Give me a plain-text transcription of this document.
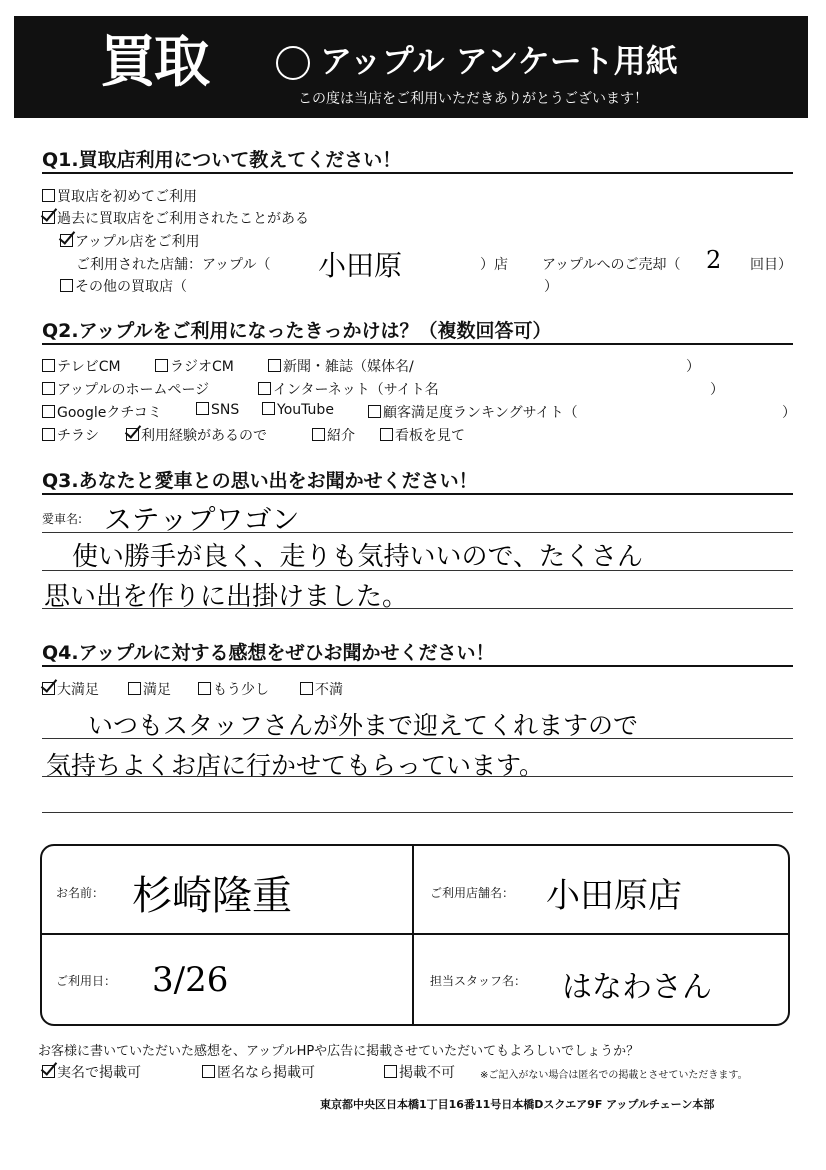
買取	アップル アンケート用紙
この度は当店をご利用いただきありがとうございます！
Q1.買取店利用について教えてください！
買取店を初めてご利用
過去に買取店をご利用されたことがある
アップル店をご利用
ご利用された店舗：アップル（ 小田原	）店 アップルへのご売却（ 2 回目）
その他の買取店（	）
Q2.アップルをご利用になったきっかけは？（複数回答可）
テレビCM	ラジオCM	新聞・雑誌（媒体名/	）
アップルのホームページ	インターネット（サイト名	）
Googleクチコミ	SNS	YouTube	顧客満足度ランキングサイト（	）
チラシ	利用経験があるので	紹介	看板を見て
Q3.あなたと愛車との思い出をお聞かせください！
愛車名: ステップワゴン
使い勝手が良く、走りも気持いいので、たくさん
思い出を作りに出掛けました。
Q4.アップルに対する感想をぜひお聞かせください！
大満足	満足	もう少し	不満
いつもスタッフさんが外まで迎えてくれますので
気持ちよくお店に行かせてもらっています。
お名前： 杉崎隆重	ご利用店舗名： 小田原店
ご利用日： 3/26	担当スタッフ名： はなわさん
お客様に書いていただいた感想を、アップルHPや広告に掲載させていただいてもよろしいでしょうか？
実名で掲載可	匿名なら掲載可	掲載不可	※ご記入がない場合は匿名での掲載とさせていただきます。
東京都中央区日本橋1丁目16番11号日本橋Dスクエア9F アップルチェーン本部
